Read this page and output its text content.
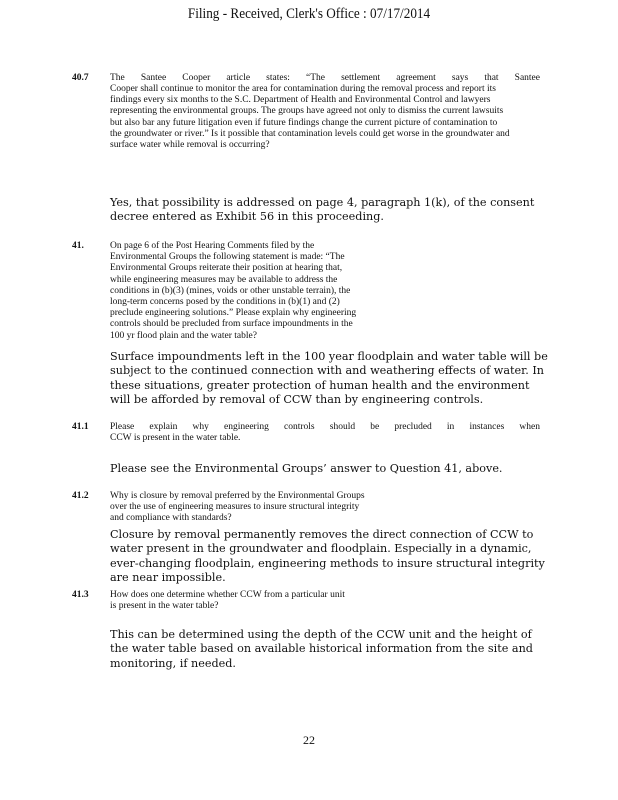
Filing - Received, Clerk's Office : 07/17/2014
40.7 The Santee Cooper article states: “The settlement agreement says that Santee
Cooper shall continue to monitor the area for contamination during the removal process and report its findings every six months to the S.C. Department of Health and Environmental Control and lawyers representing the environmental groups. The groups have agreed not only to dismiss the current lawsuits but also bar any future litigation even if future findings change the current picture of contamination to the groundwater or river.” Is it possible that contamination levels could get worse in the groundwater and surface water while removal is occurring?
Yes, that possibility is addressed on page 4, paragraph 1(k), of the consent decree entered as Exhibit 56 in this proceeding.
41.	On page 6 of the Post Hearing Comments filed by the Environmental Groups the following statement is made: “The Environmental Groups reiterate their position at hearing that, while engineering measures may be available to address the conditions in (b)(3) (mines, voids or other unstable terrain), the long-term concerns posed by the conditions in (b)(1) and (2) preclude engineering solutions.” Please explain why engineering controls should be precluded from surface impoundments in the 100 yr flood plain and the water table?
Surface impoundments left in the 100 year floodplain and water table will be subject to the continued connection with and weathering effects of water. In these situations, greater protection of human health and the environment will be afforded by removal of CCW than by engineering controls.
41.1 Please explain why engineering controls should be precluded in instances when
CCW is present in the water table.
Please see the Environmental Groups’ answer to Question 41, above.
41.2 Why is closure by removal preferred by the Environmental Groups over the use of engineering measures to insure structural integrity and compliance with standards?
Closure by removal permanently removes the direct connection of CCW to water present in the groundwater and floodplain. Especially in a dynamic, ever-changing floodplain, engineering methods to insure structural integrity are near impossible.
41.3 How does one determine whether CCW from a particular unit is present in the water table?
This can be determined using the depth of the CCW unit and the height of the water table based on available historical information from the site and monitoring, if needed.
22
